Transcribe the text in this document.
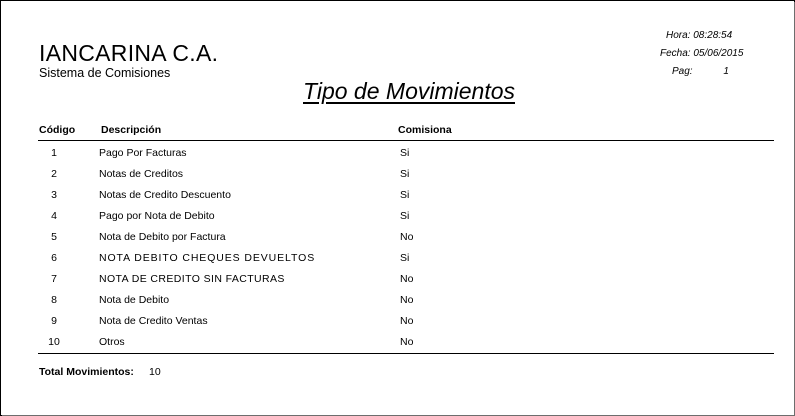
IANCARINA C.A.
Sistema de Comisiones
Hora: 08:28:54
Fecha: 05/06/2015
Pag:	1
Tipo de Movimientos
Código Descripción	Comisiona
1	Pago Por Facturas	Si
2	Notas de Creditos	Si
3	Notas de Credito Descuento	Si
4	Pago por Nota de Debito	Si
5	Nota de Debito por Factura	No
6	NOTA DEBITO CHEQUES DEVUELTOS	Si
7	NOTA DE CREDITO SIN FACTURAS	No
8	Nota de Debito	No
9	Nota de Credito Ventas	No
10	Otros	No
Total Movimientos: 10
